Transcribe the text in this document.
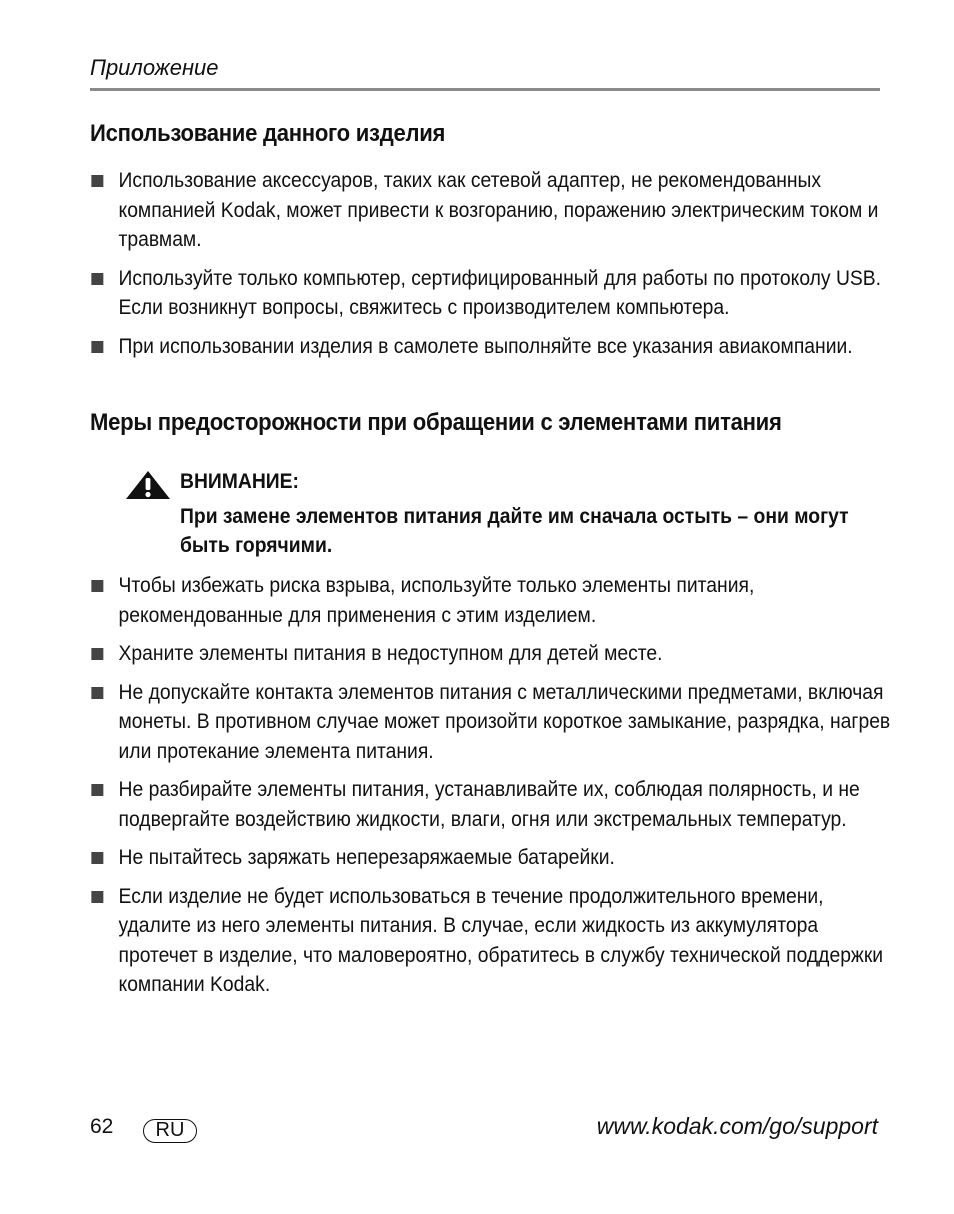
Приложение
Использование данного изделия
Использование аксессуаров, таких как сетевой адаптер, не рекомендованных компанией Kodak, может привести к возгоранию, поражению электрическим током и травмам.
Используйте только компьютер, сертифицированный для работы по протоколу USB. Если возникнут вопросы, свяжитесь с производителем компьютера.
При использовании изделия в самолете выполняйте все указания авиакомпании.
Меры предосторожности при обращении с элементами питания
ВНИМАНИЕ:
При замене элементов питания дайте им сначала остыть – они могут быть горячими.
Чтобы избежать риска взрыва, используйте только элементы питания, рекомендованные для применения с этим изделием.
Храните элементы питания в недоступном для детей месте.
Не допускайте контакта элементов питания с металлическими предметами, включая монеты. В противном случае может произойти короткое замыкание, разрядка, нагрев или протекание элемента питания.
Не разбирайте элементы питания, устанавливайте их, соблюдая полярность, и не подвергайте воздействию жидкости, влаги, огня или экстремальных температур.
Не пытайтесь заряжать неперезаряжаемые батарейки.
Если изделие не будет использоваться в течение продолжительного времени, удалите из него элементы питания. В случае, если жидкость из аккумулятора протечет в изделие, что маловероятно, обратитесь в службу технической поддержки компании Kodak.
62	RU	www.kodak.com/go/support
